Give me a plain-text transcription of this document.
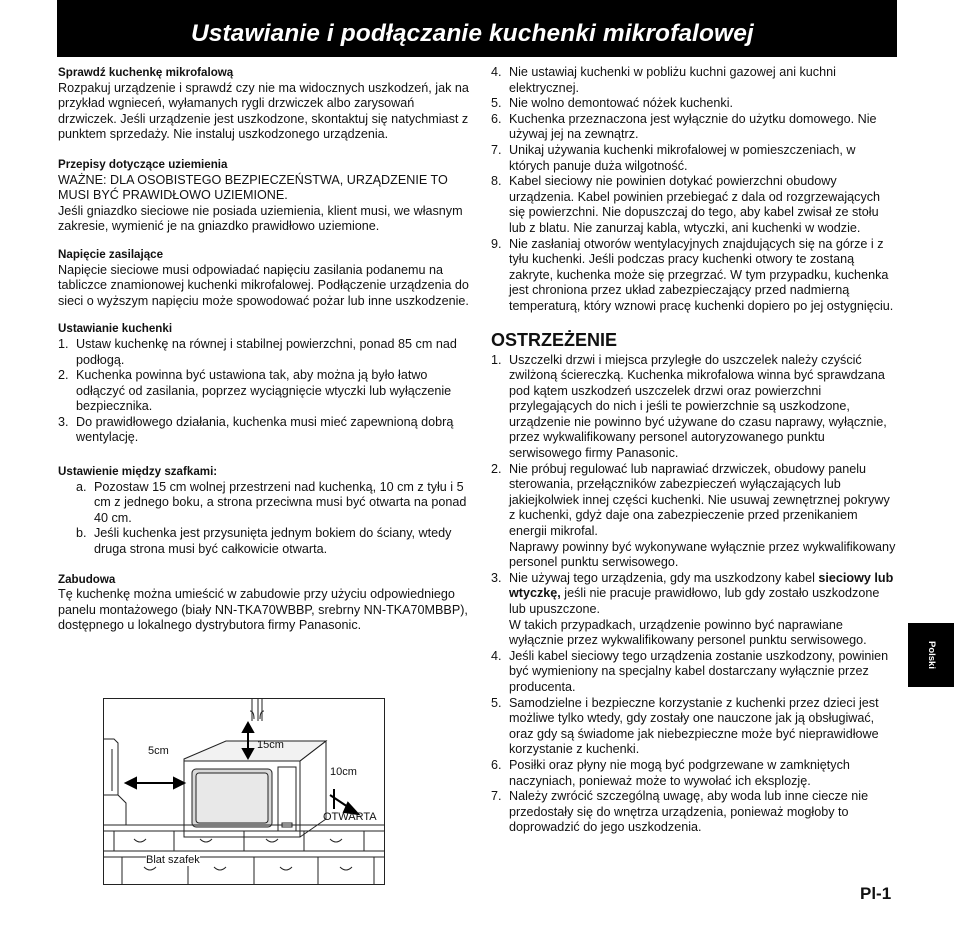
Ustawianie i podłączanie kuchenki mikrofalowej
Polski
Sprawdź kuchenkę mikrofalową

Rozpakuj urządzenie i sprawdź czy nie ma widocznych uszkodzeń, jak na przykład wgnieceń, wyłamanych rygli drzwiczek albo zarysowań drzwiczek. Jeśli urządzenie jest uszkodzone, skontaktuj się natychmiast z punktem sprzedaży. Nie instaluj uszkodzonego urządzenia.

Przepisy dotyczące uziemienia

WAŻNE: DLA OSOBISTEGO BEZPIECZEŃSTWA, URZĄDZENIE TO MUSI BYĆ PRAWIDŁOWO UZIEMIONE.

Jeśli gniazdko sieciowe nie posiada uziemienia, klient musi, we własnym zakresie, wymienić je na gniazdko prawidłowo uziemione.

Napięcie zasilające

Napięcie sieciowe musi odpowiadać napięciu zasilania podanemu na tabliczce znamionowej kuchenki mikrofalowej. Podłączenie urządzenia do sieci o wyższym napięciu może spowodować pożar lub inne uszkodzenie.

Ustawianie kuchenki
1. Ustaw kuchenkę na równej i stabilnej powierzchni, ponad 85 cm nad podłogą.
2. Kuchenka powinna być ustawiona tak, aby można ją było łatwo odłączyć od zasilania, poprzez wyciągnięcie wtyczki lub wyłączenie bezpiecznika.
3. Do prawidłowego działania, kuchenka musi mieć zapewnioną dobrą wentylację.
Ustawienie między szafkami:
a. Pozostaw 15 cm wolnej przestrzeni nad kuchenką, 10 cm z tyłu i 5 cm z jednego boku, a strona przeciwna musi być otwarta na ponad 40 cm.
b. Jeśli kuchenka jest przysunięta jednym bokiem do ściany, wtedy druga strona musi być całkowicie otwarta.
Zabudowa

Tę kuchenkę można umieścić w zabudowie przy użyciu odpowiedniego panelu montażowego (biały NN-TKA70WBBP, srebrny NN-TKA70MBBP), dostępnego u lokalnego dystrybutora firmy Panasonic.

5cm	15cm
10cm
OTWARTA
Blat szafek
4. Nie ustawiaj kuchenki w pobliżu kuchni gazowej ani kuchni elektrycznej.
5. Nie wolno demontować nóżek kuchenki.
6. Kuchenka przeznaczona jest wyłącznie do użytku domowego. Nie używaj jej na zewnątrz.
7. Unikaj używania kuchenki mikrofalowej w pomieszczeniach, w których panuje duża wilgotność.
8. Kabel sieciowy nie powinien dotykać powierzchni obudowy urządzenia. Kabel powinien przebiegać z dala od rozgrzewających się powierzchni. Nie dopuszczaj do tego, aby kabel zwisał ze stołu lub z blatu. Nie zanurzaj kabla, wtyczki, ani kuchenki w wodzie.
9. Nie zasłaniaj otworów wentylacyjnych znajdujących się na górze i z tyłu kuchenki. Jeśli podczas pracy kuchenki otwory te zostaną zakryte, kuchenka może się przegrzać. W tym przypadku, kuchenka jest chroniona przez układ zabezpieczający przed nadmierną temperaturą, który wznowi pracę kuchenki dopiero po jej ostygnięciu.
OSTRZEŻENIE
1. Uszczelki drzwi i miejsca przyległe do uszczelek należy czyścić zwilżoną ściereczką. Kuchenka mikrofalowa winna być sprawdzana pod kątem uszkodzeń uszczelek drzwi oraz powierzchni przylegających do nich i jeśli te powierzchnie są uszkodzone, urządzenie nie powinno być używane do czasu naprawy, wyłącznie, przez wykwalifikowany personel autoryzowanego punktu serwisowego firmy Panasonic.
2. Nie próbuj regulować lub naprawiać drzwiczek, obudowy panelu sterowania, przełączników zabezpieczeń wyłączających lub jakiejkolwiek innej części kuchenki. Nie usuwaj zewnętrznej pokrywy z kuchenki, gdyż daje ona zabezpieczenie przed przenikaniem energii mikrofal.
Naprawy powinny być wykonywane wyłącznie przez wykwalifikowany personel punktu serwisowego.
3. Nie używaj tego urządzenia, gdy ma uszkodzony kabel sieciowy lub wtyczkę, jeśli nie pracuje prawidłowo, lub gdy zostało uszkodzone lub upuszczone.
W takich przypadkach, urządzenie powinno być naprawiane wyłącznie przez wykwalifikowany personel punktu serwisowego.
4. Jeśli kabel sieciowy tego urządzenia zostanie uszkodzony, powinien być wymieniony na specjalny kabel dostarczany wyłącznie przez producenta.
5. Samodzielne i bezpieczne korzystanie z kuchenki przez dzieci jest możliwe tylko wtedy, gdy zostały one nauczone jak ją obsługiwać, oraz gdy są świadome jak niebezpieczne może być nieprawidłowe korzystanie z kuchenki.
6. Posiłki oraz płyny nie mogą być podgrzewane w zamkniętych naczyniach, ponieważ może to wywołać ich eksplozję.
7. Należy zwrócić szczególną uwagę, aby woda lub inne ciecze nie przedostały się do wnętrza urządzenia, ponieważ mogłoby to doprowadzić do jego uszkodzenia.
Pl-1
